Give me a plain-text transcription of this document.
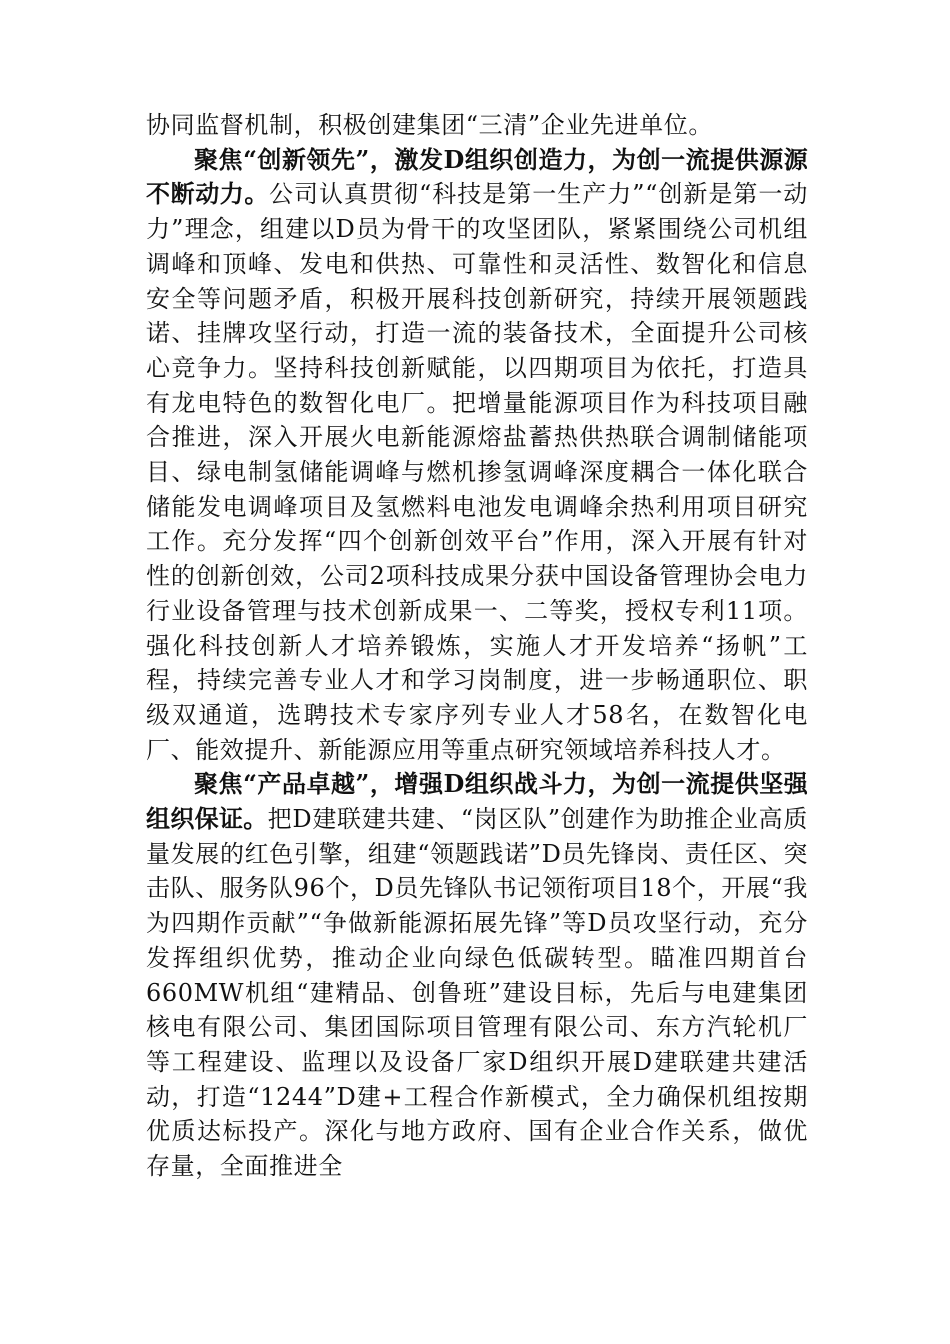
协同监督机制，积极创建集团“三清”企业先进单位。

聚焦“创新领先”，激发D组织创造力，为创一流提供源源不断动力。公司认真贯彻“科技是第一生产力”“创新是第一动力”理念，组建以D员为骨干的攻坚团队，紧紧围绕公司机组调峰和顶峰、发电和供热、可靠性和灵活性、数智化和信息安全等问题矛盾，积极开展科技创新研究，持续开展领题践诺、挂牌攻坚行动，打造一流的装备技术，全面提升公司核心竞争力。坚持科技创新赋能，以四期项目为依托，打造具有龙电特色的数智化电厂。把增量能源项目作为科技项目融合推进，深入开展火电新能源熔盐蓄热供热联合调制储能项目、绿电制氢储能调峰与燃机掺氢调峰深度耦合一体化联合储能发电调峰项目及氢燃料电池发电调峰余热利用项目研究工作。充分发挥“四个创新创效平台”作用，深入开展有针对性的创新创效，公司2项科技成果分获中国设备管理协会电力行业设备管理与技术创新成果一、二等奖，授权专利11项。强化科技创新人才培养锻炼，实施人才开发培养“扬帆”工程，持续完善专业人才和学习岗制度，进一步畅通职位、职级双通道，选聘技术专家序列专业人才58名，在数智化电厂、能效提升、新能源应用等重点研究领域培养科技人才。

聚焦“产品卓越”，增强D组织战斗力，为创一流提供坚强组织保证。把D建联建共建、“岗区队”创建作为助推企业高质量发展的红色引擎，组建“领题践诺”D员先锋岗、责任区、突击队、服务队96个，D员先锋队书记领衔项目18个，开展“我为四期作贡献”“争做新能源拓展先锋”等D员攻坚行动，充分发挥组织优势，推动企业向绿色低碳转型。瞄准四期首台660MW机组“建精品、创鲁班”建设目标，先后与电建集团核电有限公司、集团国际项目管理有限公司、东方汽轮机厂等工程建设、监理以及设备厂家D组织开展D建联建共建活动，打造“1244”D建+工程合作新模式，全力确保机组按期优质达标投产。深化与地方政府、国有企业合作关系，做优存量，全面推进全
